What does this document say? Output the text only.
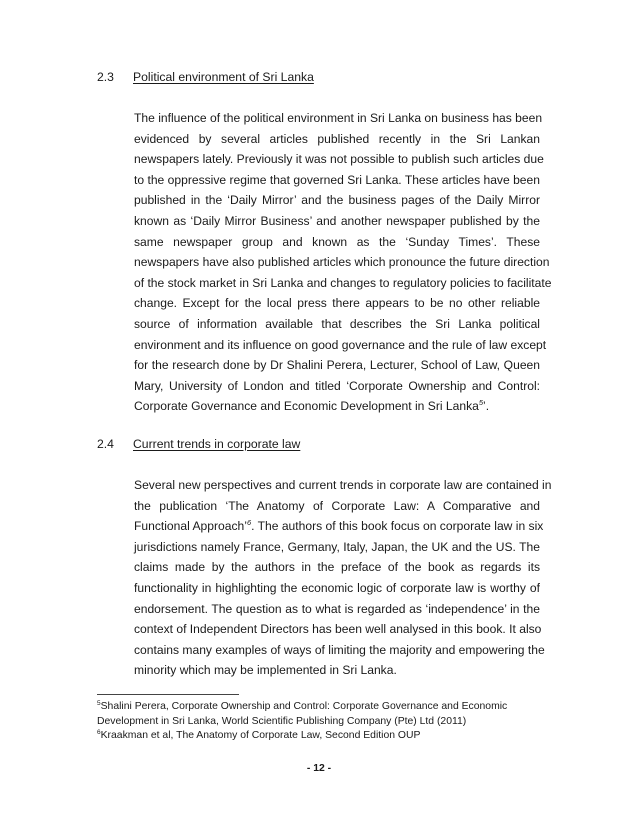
2.3 Political environment of Sri Lanka
The influence of the political environment in Sri Lanka on business has been
evidenced by several articles published recently in the Sri Lankan
newspapers lately. Previously it was not possible to publish such articles due
to the oppressive regime that governed Sri Lanka. These articles have been
published in the ‘Daily Mirror’ and the business pages of the Daily Mirror
known as ‘Daily Mirror Business’ and another newspaper published by the
same newspaper group and known as the ‘Sunday Times’. These
newspapers have also published articles which pronounce the future direction
of the stock market in Sri Lanka and changes to regulatory policies to facilitate
change. Except for the local press there appears to be no other reliable
source of information available that describes the Sri Lanka political
environment and its influence on good governance and the rule of law except
for the research done by Dr Shalini Perera, Lecturer, School of Law, Queen
Mary, University of London and titled ‘Corporate Ownership and Control:
Corporate Governance and Economic Development in Sri Lanka$^5$’.
2.4 Current trends in corporate law
Several new perspectives and current trends in corporate law are contained in
the publication ‘The Anatomy of Corporate Law: A Comparative and
Functional Approach’$^6$. The authors of this book focus on corporate law in six
jurisdictions namely France, Germany, Italy, Japan, the UK and the US. The
claims made by the authors in the preface of the book as regards its
functionality in highlighting the economic logic of corporate law is worthy of
endorsement. The question as to what is regarded as ‘independence’ in the
context of Independent Directors has been well analysed in this book. It also
contains many examples of ways of limiting the majority and empowering the
minority which may be implemented in Sri Lanka.
$^5$Shalini Perera, Corporate Ownership and Control: Corporate Governance and Economic
Development in Sri Lanka, World Scientific Publishing Company (Pte) Ltd (2011)
$^6$Kraakman et al, The Anatomy of Corporate Law, Second Edition OUP
- 12 -
